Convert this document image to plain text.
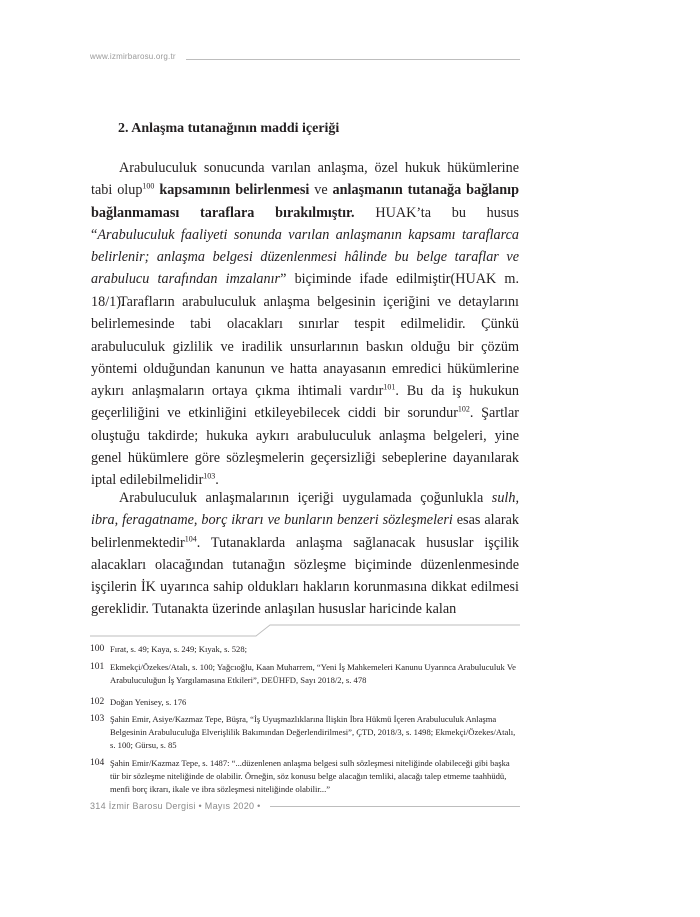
www.izmirbarosu.org.tr
2. Anlaşma tutanağının maddi içeriği

Arabuluculuk sonucunda varılan anlaşma, özel hukuk hükümlerine tabi olup$^{100}$ kapsamının belirlenmesi ve anlaşmanın tutanağa bağlanıp bağlanmaması taraflara bırakılmıştır. HUAK’ta bu husus “Arabuluculuk faaliyeti sonunda varılan anlaşmanın kapsamı taraflarca belirlenir; anlaşma belgesi düzenlenmesi hâlinde bu belge taraflar ve arabulucu tarafından imzalanır” biçiminde ifade edilmiştir(HUAK m. 18/1).

Tarafların arabuluculuk anlaşma belgesinin içeriğini ve detaylarını belirlemesinde tabi olacakları sınırlar tespit edilmelidir. Çünkü arabuluculuk gizlilik ve iradilik unsurlarının baskın olduğu bir çözüm yöntemi olduğundan kanunun ve hatta anayasanın emredici hükümlerine aykırı anlaşmaların ortaya çıkma ihtimali vardır$^{101}$. Bu da iş hukukun geçerliliğini ve etkinliğini etkileyebilecek ciddi bir sorundur$^{102}$. Şartlar oluştuğu takdirde; hukuka aykırı arabuluculuk anlaşma belgeleri, yine genel hükümlere göre sözleşmelerin geçersizliği sebeplerine dayanılarak iptal edilebilmelidir$^{103}$.

Arabuluculuk anlaşmalarının içeriği uygulamada çoğunlukla sulh, ibra, feragatname, borç ikrarı ve bunların benzeri sözleşmeleri esas alarak belirlenmektedir$^{104}$. Tutanaklarda anlaşma sağlanacak hususlar işçilik alacakları olacağından tutanağın sözleşme biçiminde düzenlenmesinde işçilerin İK uyarınca sahip oldukları hakların korunmasına dikkat edilmesi gereklidir. Tutanakta üzerinde anlaşılan hususlar haricinde kalan

100 Fırat, s. 49; Kaya, s. 249; Kıyak, s. 528;
101 Ekmekçi/Özekes/Atalı, s. 100; Yağcıoğlu, Kaan Muharrem, “Yeni İş Mahkemeleri Kanunu Uyarınca Arabuluculuk Ve Arabuluculuğun İş Yargılamasına Etkileri”, DEÜHFD, Sayı 2018/2, s. 478
102 Doğan Yenisey, s. 176
103 Şahin Emir, Asiye/Kazmaz Tepe, Büşra, “İş Uyuşmazlıklarına İlişkin İbra Hükmü İçeren Arabuluculuk Anlaşma Belgesinin Arabuluculuğa Elverişlilik Bakımından Değerlendirilmesi”, ÇTD, 2018/3, s. 1498; Ekmekçi/Özekes/Atalı, s. 100; Gürsu, s. 85
104 Şahin Emir/Kazmaz Tepe, s. 1487: “...düzenlenen anlaşma belgesi sulh sözleşmesi niteliğinde olabileceği gibi başka tür bir sözleşme niteliğinde de olabilir. Örneğin, söz konusu belge alacağın temliki, alacağı talep etmeme taahhüdü, menfi borç ikrarı, ikale ve ibra sözleşmesi niteliğinde olabilir...”
314 İzmir Barosu Dergisi • Mayıs 2020 •
